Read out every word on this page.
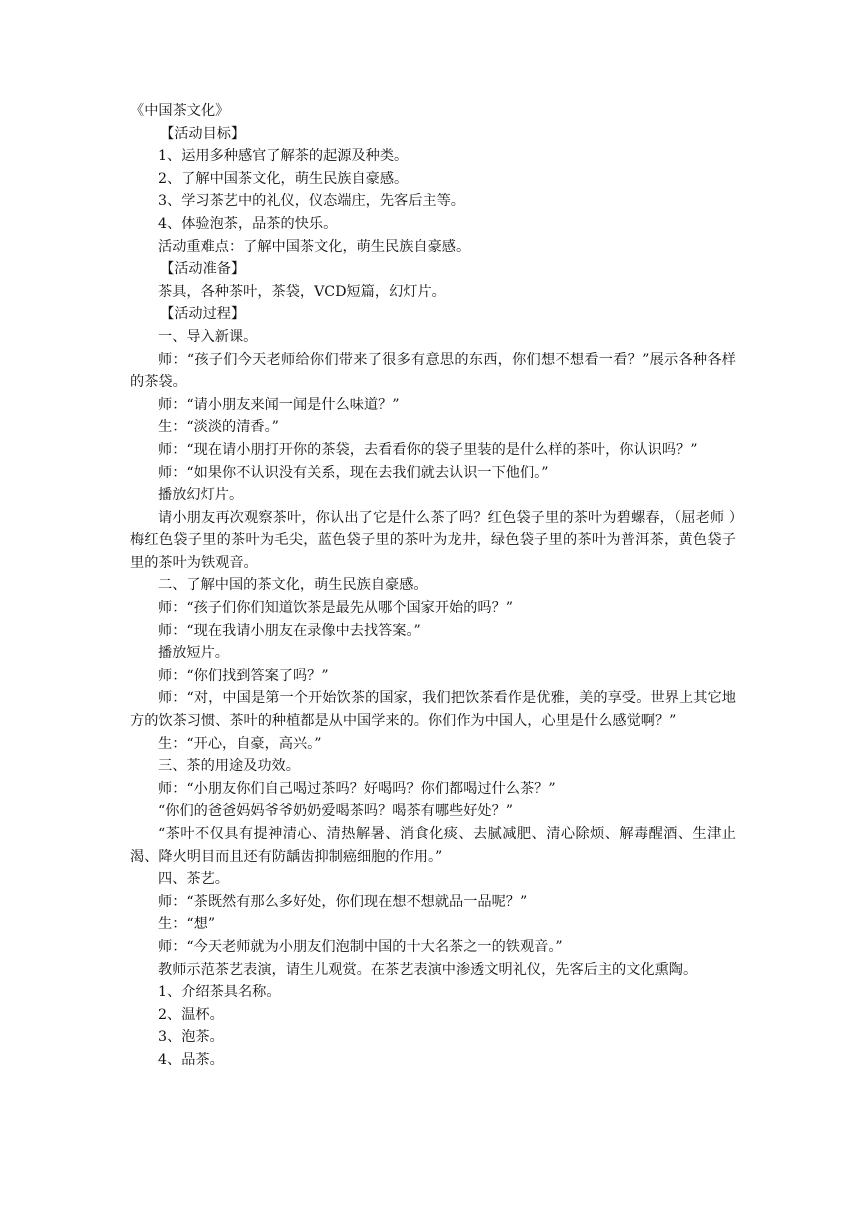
《中国茶文化》
【活动目标】
1、运用多种感官了解茶的起源及种类。
2、了解中国茶文化，萌生民族自豪感。
3、学习茶艺中的礼仪，仪态端庄，先客后主等。
4、体验泡茶，品茶的快乐。
活动重难点：了解中国茶文化，萌生民族自豪感。
【活动准备】
茶具，各种茶叶，茶袋，VCD短篇，幻灯片。
【活动过程】
一、导入新课。
师：“孩子们今天老师给你们带来了很多有意思的东西，你们想不想看一看？”展示各种各样的茶袋。
师：“请小朋友来闻一闻是什么味道？”
生：“淡淡的清香。”
师：“现在请小朋打开你的茶袋，去看看你的袋子里装的是什么样的茶叶，你认识吗？”
师：“如果你不认识没有关系，现在去我们就去认识一下他们。”
播放幻灯片。
请小朋友再次观察茶叶，你认出了它是什么茶了吗？红色袋子里的茶叶为碧螺春，（屈老师 ）梅红色袋子里的茶叶为毛尖，蓝色袋子里的茶叶为龙井，绿色袋子里的茶叶为普洱茶，黄色袋子里的茶叶为铁观音。
二、了解中国的茶文化，萌生民族自豪感。
师：“孩子们你们知道饮茶是最先从哪个国家开始的吗？”
师：“现在我请小朋友在录像中去找答案。”
播放短片。
师：“你们找到答案了吗？”
师：“对，中国是第一个开始饮茶的国家，我们把饮茶看作是优雅，美的享受。世界上其它地方的饮茶习惯、茶叶的种植都是从中国学来的。你们作为中国人，心里是什么感觉啊？”
生：“开心，自豪，高兴。”
三、茶的用途及功效。
师：“小朋友你们自己喝过茶吗？好喝吗？你们都喝过什么茶？”
“你们的爸爸妈妈爷爷奶奶爱喝茶吗？喝茶有哪些好处？”
“茶叶不仅具有提神清心、清热解暑、消食化痰、去腻减肥、清心除烦、解毒醒酒、生津止渴、降火明目而且还有防龋齿抑制癌细胞的作用。”
四、茶艺。
师：“茶既然有那么多好处，你们现在想不想就品一品呢？”
生：“想”
师：“今天老师就为小朋友们泡制中国的十大名茶之一的铁观音。”
教师示范茶艺表演，请生儿观赏。在茶艺表演中渗透文明礼仪，先客后主的文化熏陶。
1、介绍茶具名称。
2、温杯。
3、泡茶。
4、品茶。
